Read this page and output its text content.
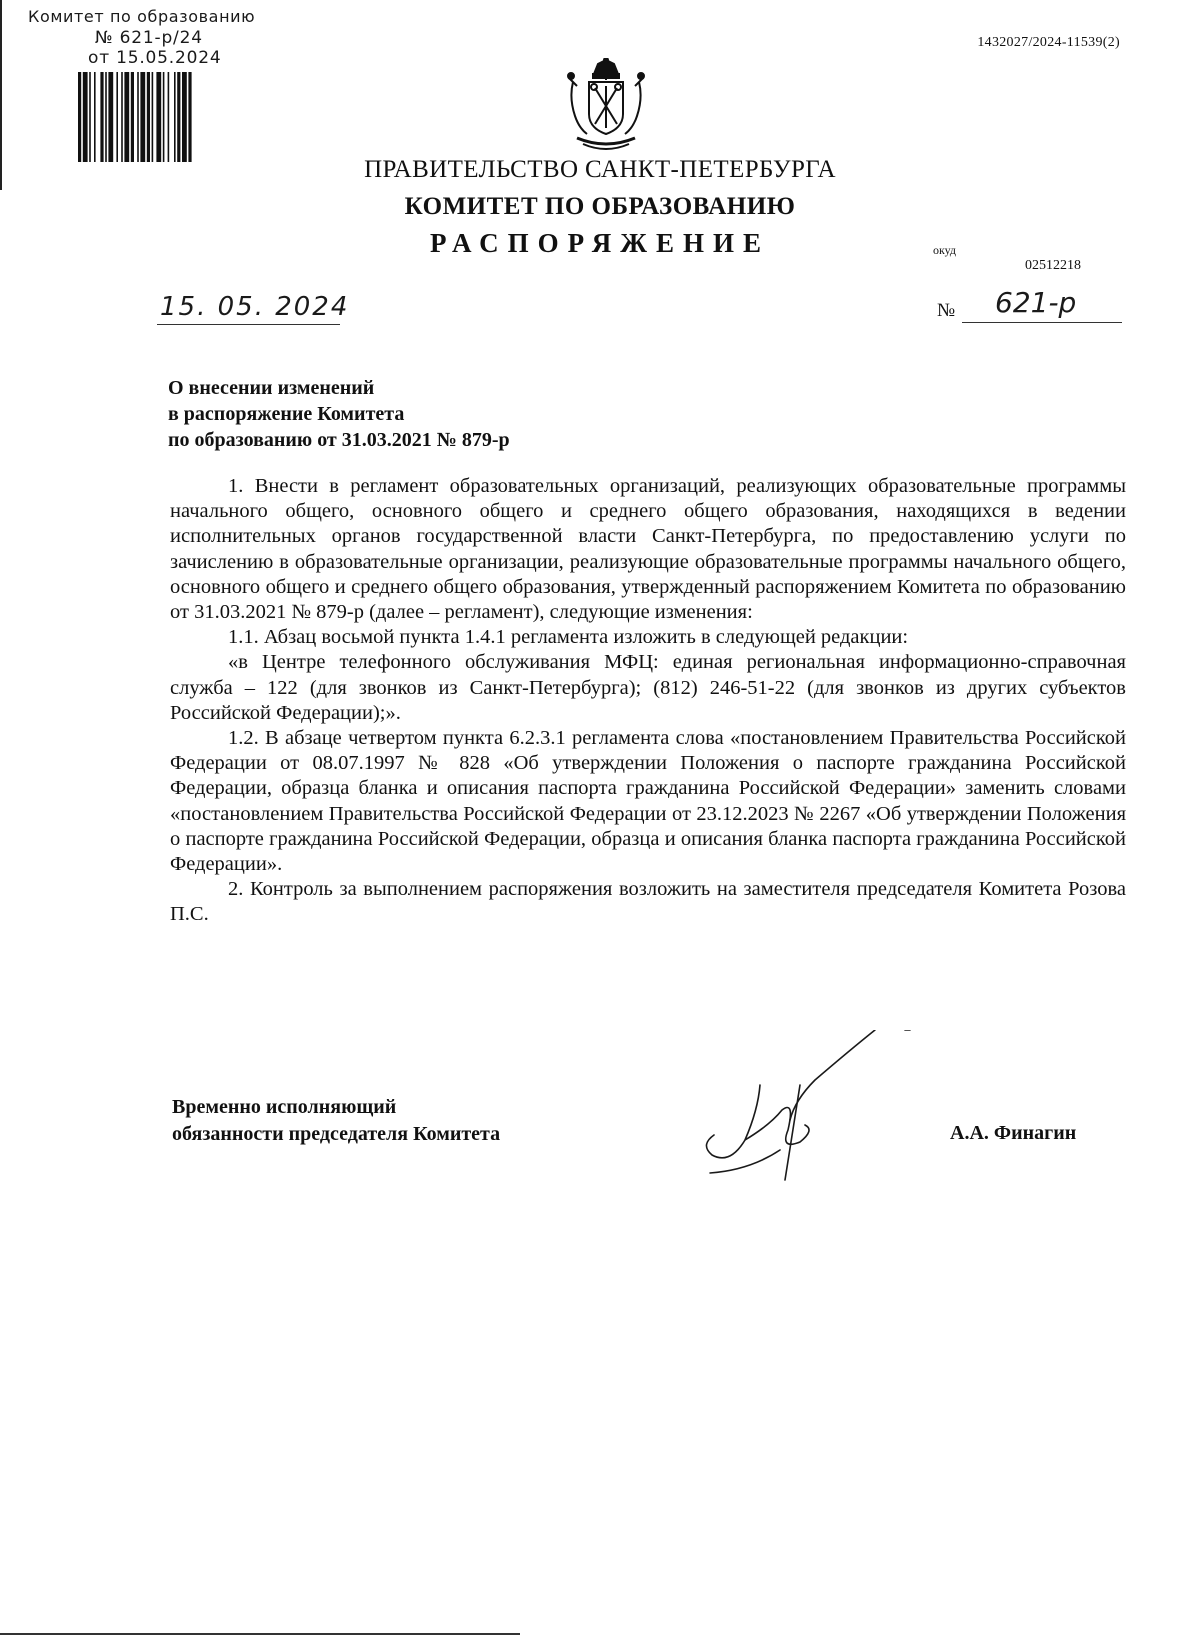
Комитет по образованию
№ 621-р/24
от 15.05.2024
1432027/2024-11539(2)
ПРАВИТЕЛЬСТВО САНКТ-ПЕТЕРБУРГА
КОМИТЕТ ПО ОБРАЗОВАНИЮ
РАСПОРЯЖЕНИЕ	окуд
02512218
15. 05. 2024	№ 621-р
О внесении изменений
в распоряжение Комитета
по образованию от 31.03.2021 № 879-р

1. Внести в регламент образовательных организаций, реализующих образовательные программы начального общего, основного общего и среднего общего образования, находящихся в ведении исполнительных органов государственной власти Санкт-Петербурга, по предоставлению услуги по зачислению в образовательные организации, реализующие образовательные программы начального общего, основного общего и среднего общего образования, утвержденный распоряжением Комитета по образованию от 31.03.2021 № 879-р (далее – регламент), следующие изменения:

1.1. Абзац восьмой пункта 1.4.1 регламента изложить в следующей редакции:

«в Центре телефонного обслуживания МФЦ: единая региональная информационно-справочная служба – 122 (для звонков из Санкт-Петербурга); (812) 246-51-22 (для звонков из других субъектов Российской Федерации);».

1.2. В абзаце четвертом пункта 6.2.3.1 регламента слова «постановлением Правительства Российской Федерации от 08.07.1997 № 828 «Об утверждении Положения о паспорте гражданина Российской Федерации, образца бланка и описания паспорта гражданина Российской Федерации» заменить словами «постановлением Правительства Российской Федерации от 23.12.2023 № 2267 «Об утверждении Положения о паспорте гражданина Российской Федерации, образца и описания бланка паспорта гражданина Российской Федерации».

2. Контроль за выполнением распоряжения возложить на заместителя председателя Комитета Розова П.С.

Временно исполняющий
обязанности председателя Комитета	А.А. Финагин
